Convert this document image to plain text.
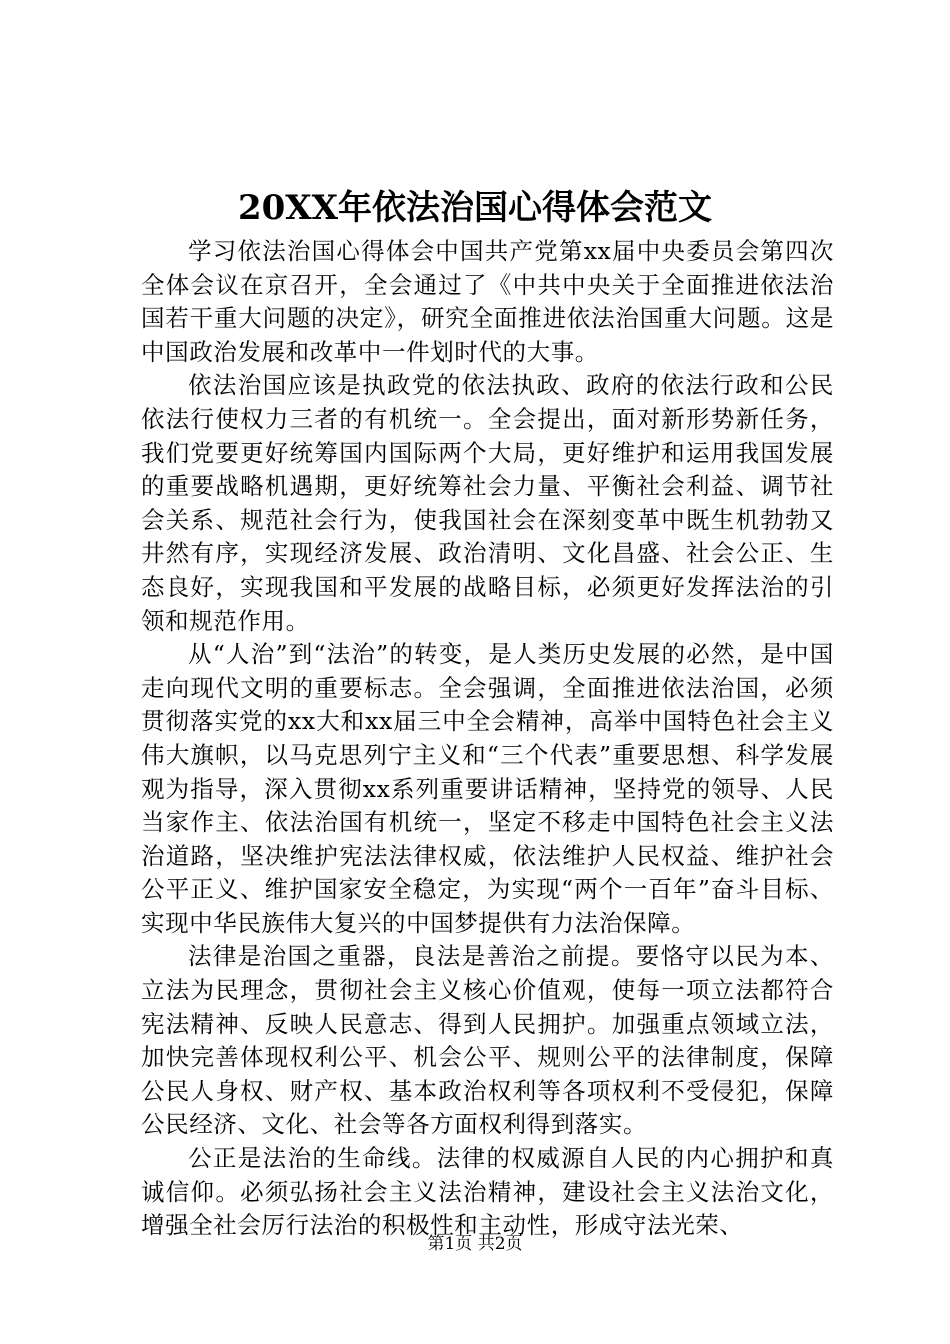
20XX年依法治国心得体会范文

学习依法治国心得体会中国共产党第xx届中央委员会第四次全体会议在京召开，全会通过了《中共中央关于全面推进依法治国若干重大问题的决定》，研究全面推进依法治国重大问题。这是中国政治发展和改革中一件划时代的大事。

依法治国应该是执政党的依法执政、政府的依法行政和公民依法行使权力三者的有机统一。全会提出，面对新形势新任务，我们党要更好统筹国内国际两个大局，更好维护和运用我国发展的重要战略机遇期，更好统筹社会力量、平衡社会利益、调节社会关系、规范社会行为，使我国社会在深刻变革中既生机勃勃又井然有序，实现经济发展、政治清明、文化昌盛、社会公正、生态良好，实现我国和平发展的战略目标，必须更好发挥法治的引领和规范作用。

从“人治”到“法治”的转变，是人类历史发展的必然，是中国走向现代文明的重要标志。全会强调，全面推进依法治国，必须贯彻落实党的xx大和xx届三中全会精神，高举中国特色社会主义伟大旗帜，以马克思列宁主义和“三个代表”重要思想、科学发展观为指导，深入贯彻xx系列重要讲话精神，坚持党的领导、人民当家作主、依法治国有机统一，坚定不移走中国特色社会主义法治道路，坚决维护宪法法律权威，依法维护人民权益、维护社会公平正义、维护国家安全稳定，为实现“两个一百年”奋斗目标、实现中华民族伟大复兴的中国梦提供有力法治保障。

法律是治国之重器，良法是善治之前提。要恪守以民为本、立法为民理念，贯彻社会主义核心价值观，使每一项立法都符合宪法精神、反映人民意志、得到人民拥护。加强重点领域立法，加快完善体现权利公平、机会公平、规则公平的法律制度，保障公民人身权、财产权、基本政治权利等各项权利不受侵犯，保障公民经济、文化、社会等各方面权利得到落实。

公正是法治的生命线。法律的权威源自人民的内心拥护和真诚信仰。必须弘扬社会主义法治精神，建设社会主义法治文化，增强全社会厉行法治的积极性和主动性，形成守法光荣、

第1页 共2页
